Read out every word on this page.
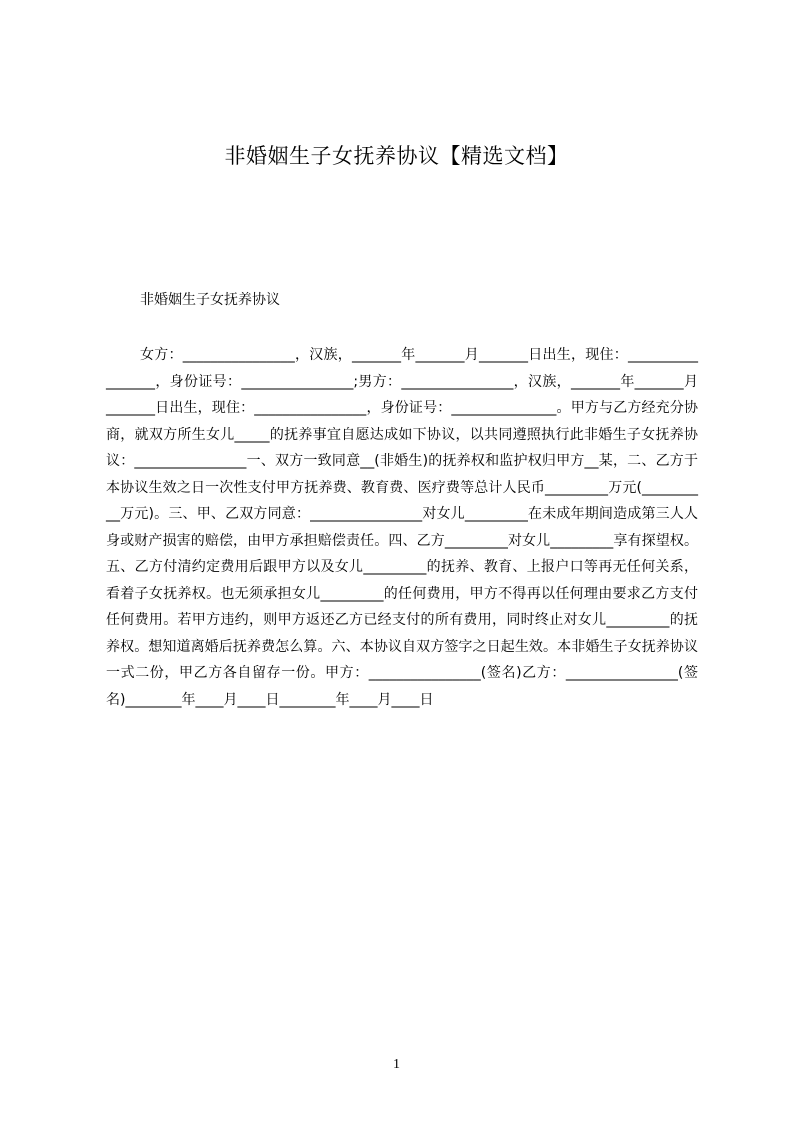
非婚姻生子女抚养协议【精选文档】
非婚姻生子女抚养协议

女方：________________，汉族，_______年_______月_______日出生，现住：_________________，身份证号：________________;男方：________________，汉族，_______年_______月_______日出生，现住：________________，身份证号：_______________。甲方与乙方经充分协商，就双方所生女儿_____的抚养事宜自愿达成如下协议，以共同遵照执行此非婚生子女抚养协议：________________一、双方一致同意__(非婚生)的抚养权和监护权归甲方__某，二、乙方于本协议生效之日一次性支付甲方抚养费、教育费、医疗费等总计人民币_________万元(__________万元)。三、甲、乙双方同意：________________对女儿_________在未成年期间造成第三人人身或财产损害的赔偿，由甲方承担赔偿责任。四、乙方_________对女儿_________享有探望权。五、乙方付清约定费用后跟甲方以及女儿_________的抚养、教育、上报户口等再无任何关系，看着子女抚养权。也无须承担女儿_________的任何费用，甲方不得再以任何理由要求乙方支付任何费用。若甲方违约，则甲方返还乙方已经支付的所有费用，同时终止对女儿_________的抚养权。想知道离婚后抚养费怎么算。六、本协议自双方签字之日起生效。本非婚生子女抚养协议一式二份，甲乙方各自留存一份。甲方：________________(签名)乙方：________________(签名)________年____月____日________年____月____日

1
